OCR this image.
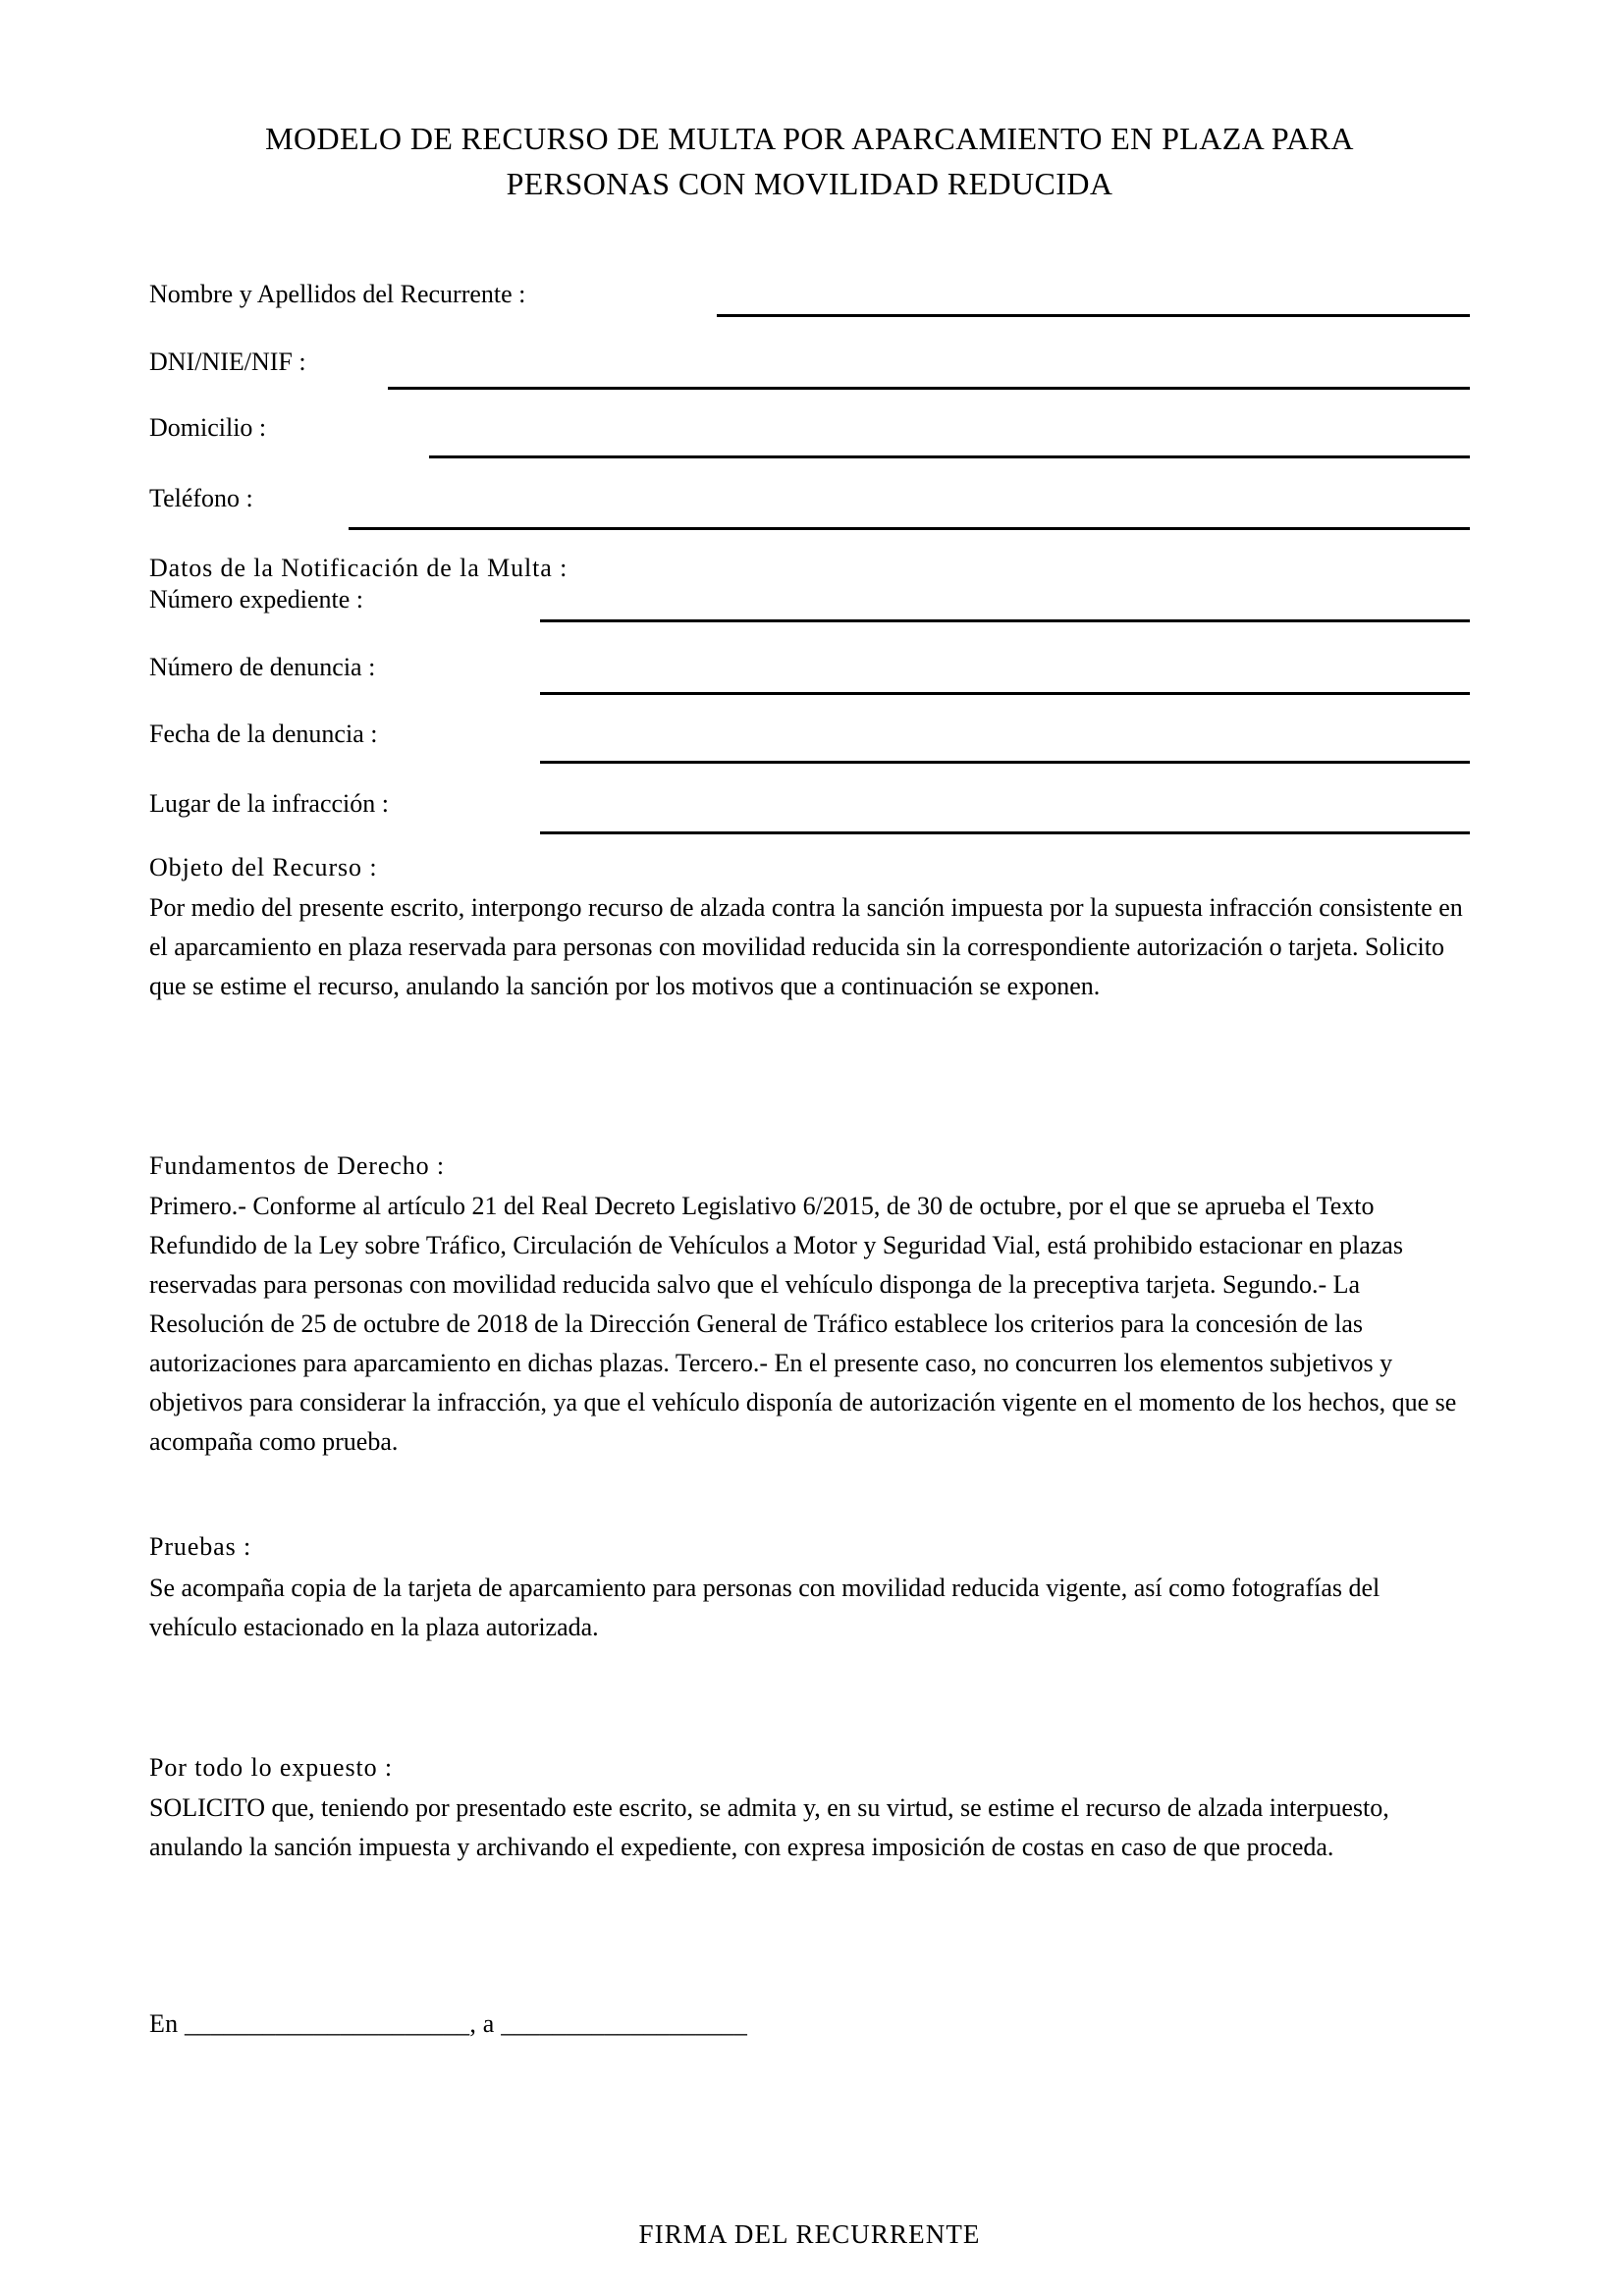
MODELO DE RECURSO DE MULTA POR APARCAMIENTO EN PLAZA PARA
PERSONAS CON MOVILIDAD REDUCIDA
Nombre y Apellidos del Recurrente :
DNI/NIE/NIF :
Domicilio :
Teléfono :
Datos de la Notificación de la Multa :
Número expediente :
Número de denuncia :
Fecha de la denuncia :
Lugar de la infracción :
Objeto del Recurso :
Por medio del presente escrito, interpongo recurso de alzada contra la sanción impuesta por la supuesta infracción consistente en el aparcamiento en plaza reservada para personas con movilidad reducida sin la correspondiente autorización o tarjeta. Solicito que se estime el recurso, anulando la sanción por los motivos que a continuación se exponen.
Fundamentos de Derecho :
Primero.- Conforme al artículo 21 del Real Decreto Legislativo 6/2015, de 30 de octubre, por el que se aprueba el Texto Refundido de la Ley sobre Tráfico, Circulación de Vehículos a Motor y Seguridad Vial, está prohibido estacionar en plazas reservadas para personas con movilidad reducida salvo que el vehículo disponga de la preceptiva tarjeta. Segundo.- La Resolución de 25 de octubre de 2018 de la Dirección General de Tráfico establece los criterios para la concesión de las autorizaciones para aparcamiento en dichas plazas. Tercero.- En el presente caso, no concurren los elementos subjetivos y objetivos para considerar la infracción, ya que el vehículo disponía de autorización vigente en el momento de los hechos, que se acompaña como prueba.
Pruebas :
Se acompaña copia de la tarjeta de aparcamiento para personas con movilidad reducida vigente, así como fotografías del vehículo estacionado en la plaza autorizada.
Por todo lo expuesto :
SOLICITO que, teniendo por presentado este escrito, se admita y, en su virtud, se estime el recurso de alzada interpuesto, anulando la sanción impuesta y archivando el expediente, con expresa imposición de costas en caso de que proceda.
En ______________________, a ___________________
FIRMA DEL RECURRENTE
